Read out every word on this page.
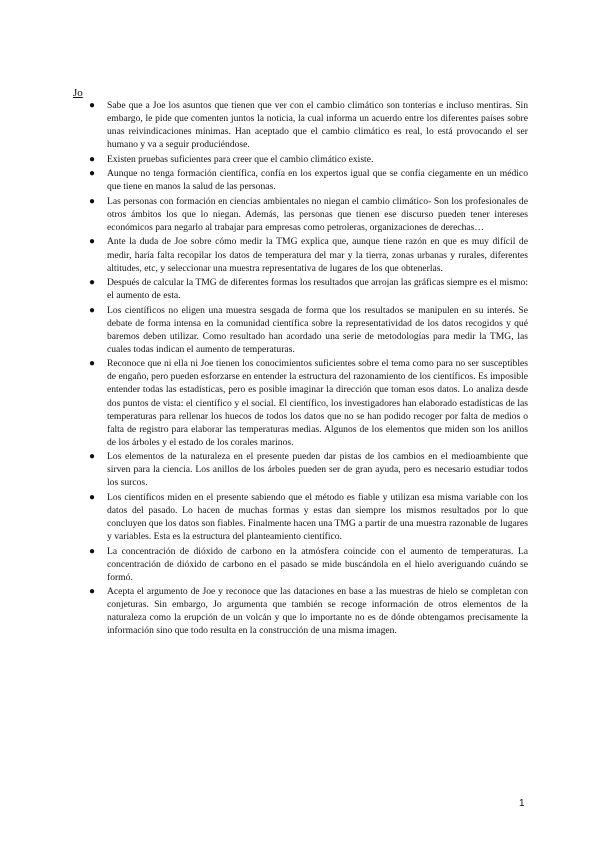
Jo
● Sabe que a Joe los asuntos que tienen que ver con el cambio climático son tonterías e incluso mentiras. Sin embargo, le pide que comenten juntos la noticia, la cual informa un acuerdo entre los diferentes países sobre unas reivindicaciones mínimas. Han aceptado que el cambio climático es real, lo está provocando el ser humano y va a seguir produciéndose.
● Existen pruebas suficientes para creer que el cambio climático existe.
● Aunque no tenga formación científica, confía en los expertos igual que se confía ciegamente en un médico que tiene en manos la salud de las personas.
● Las personas con formación en ciencias ambientales no niegan el cambio climático- Son los profesionales de otros ámbitos los que lo niegan. Además, las personas que tienen ese discurso pueden tener intereses económicos para negarlo al trabajar para empresas como petroleras, organizaciones de derechas…
● Ante la duda de Joe sobre cómo medir la TMG explica que, aunque tiene razón en que es muy difícil de medir, haría falta recopilar los datos de temperatura del mar y la tierra, zonas urbanas y rurales, diferentes altitudes, etc, y seleccionar una muestra representativa de lugares de los que obtenerlas.
● Después de calcular la TMG de diferentes formas los resultados que arrojan las gráficas siempre es el mismo: el aumento de esta.
● Los científicos no eligen una muestra sesgada de forma que los resultados se manipulen en su interés. Se debate de forma intensa en la comunidad científica sobre la representatividad de los datos recogidos y qué baremos deben utilizar. Como resultado han acordado una serie de metodologías para medir la TMG, las cuales todas indican el aumento de temperaturas.
● Reconoce que ni ella ni Joe tienen los conocimientos suficientes sobre el tema como para no ser susceptibles de engaño, pero pueden esforzarse en entender la estructura del razonamiento de los científicos. Es imposible entender todas las estadísticas, pero es posible imaginar la dirección que toman esos datos. Lo analiza desde dos puntos de vista: el científico y el social. El científico, los investigadores han elaborado estadísticas de las temperaturas para rellenar los huecos de todos los datos que no se han podido recoger por falta de medios o falta de registro para elaborar las temperaturas medias. Algunos de los elementos que miden son los anillos de los árboles y el estado de los corales marinos.
● Los elementos de la naturaleza en el presente pueden dar pistas de los cambios en el medioambiente que sirven para la ciencia. Los anillos de los árboles pueden ser de gran ayuda, pero es necesario estudiar todos los surcos.
● Los científicos miden en el presente sabiendo que el método es fiable y utilizan esa misma variable con los datos del pasado. Lo hacen de muchas formas y estas dan siempre los mismos resultados por lo que concluyen que los datos son fiables. Finalmente hacen una TMG a partir de una muestra razonable de lugares y variables. Esta es la estructura del planteamiento científico.
● La concentración de dióxido de carbono en la atmósfera coincide con el aumento de temperaturas. La concentración de dióxido de carbono en el pasado se mide buscándola en el hielo averiguando cuándo se formó.
● Acepta el argumento de Joe y reconoce que las dataciones en base a las muestras de hielo se completan con conjeturas. Sin embargo, Jo argumenta que también se recoge información de otros elementos de la naturaleza como la erupción de un volcán y que lo importante no es de dónde obtengamos precisamente la información sino que todo resulta en la construcción de una misma imagen.
1
